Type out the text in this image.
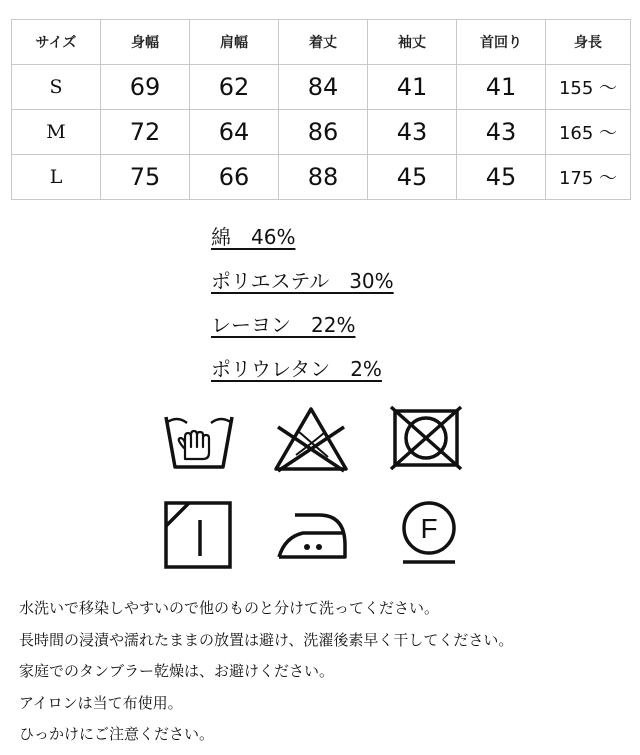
サイズ	身幅	肩幅	着丈	袖丈	首回り	身長
S	69	62	84	41	41	155 〜
M	72	64	86	43	43	165 〜
L	75	66	88	45	45	175 〜
綿　46%
ポリエステル　30%
レーヨン　22%
ポリウレタン　2%
F
水洗いで移染しやすいので他のものと分けて洗ってください。
長時間の浸漬や濡れたままの放置は避け、洗濯後素早く干してください。
家庭でのタンブラー乾燥は、お避けください。
アイロンは当て布使用。
ひっかけにご注意ください。
